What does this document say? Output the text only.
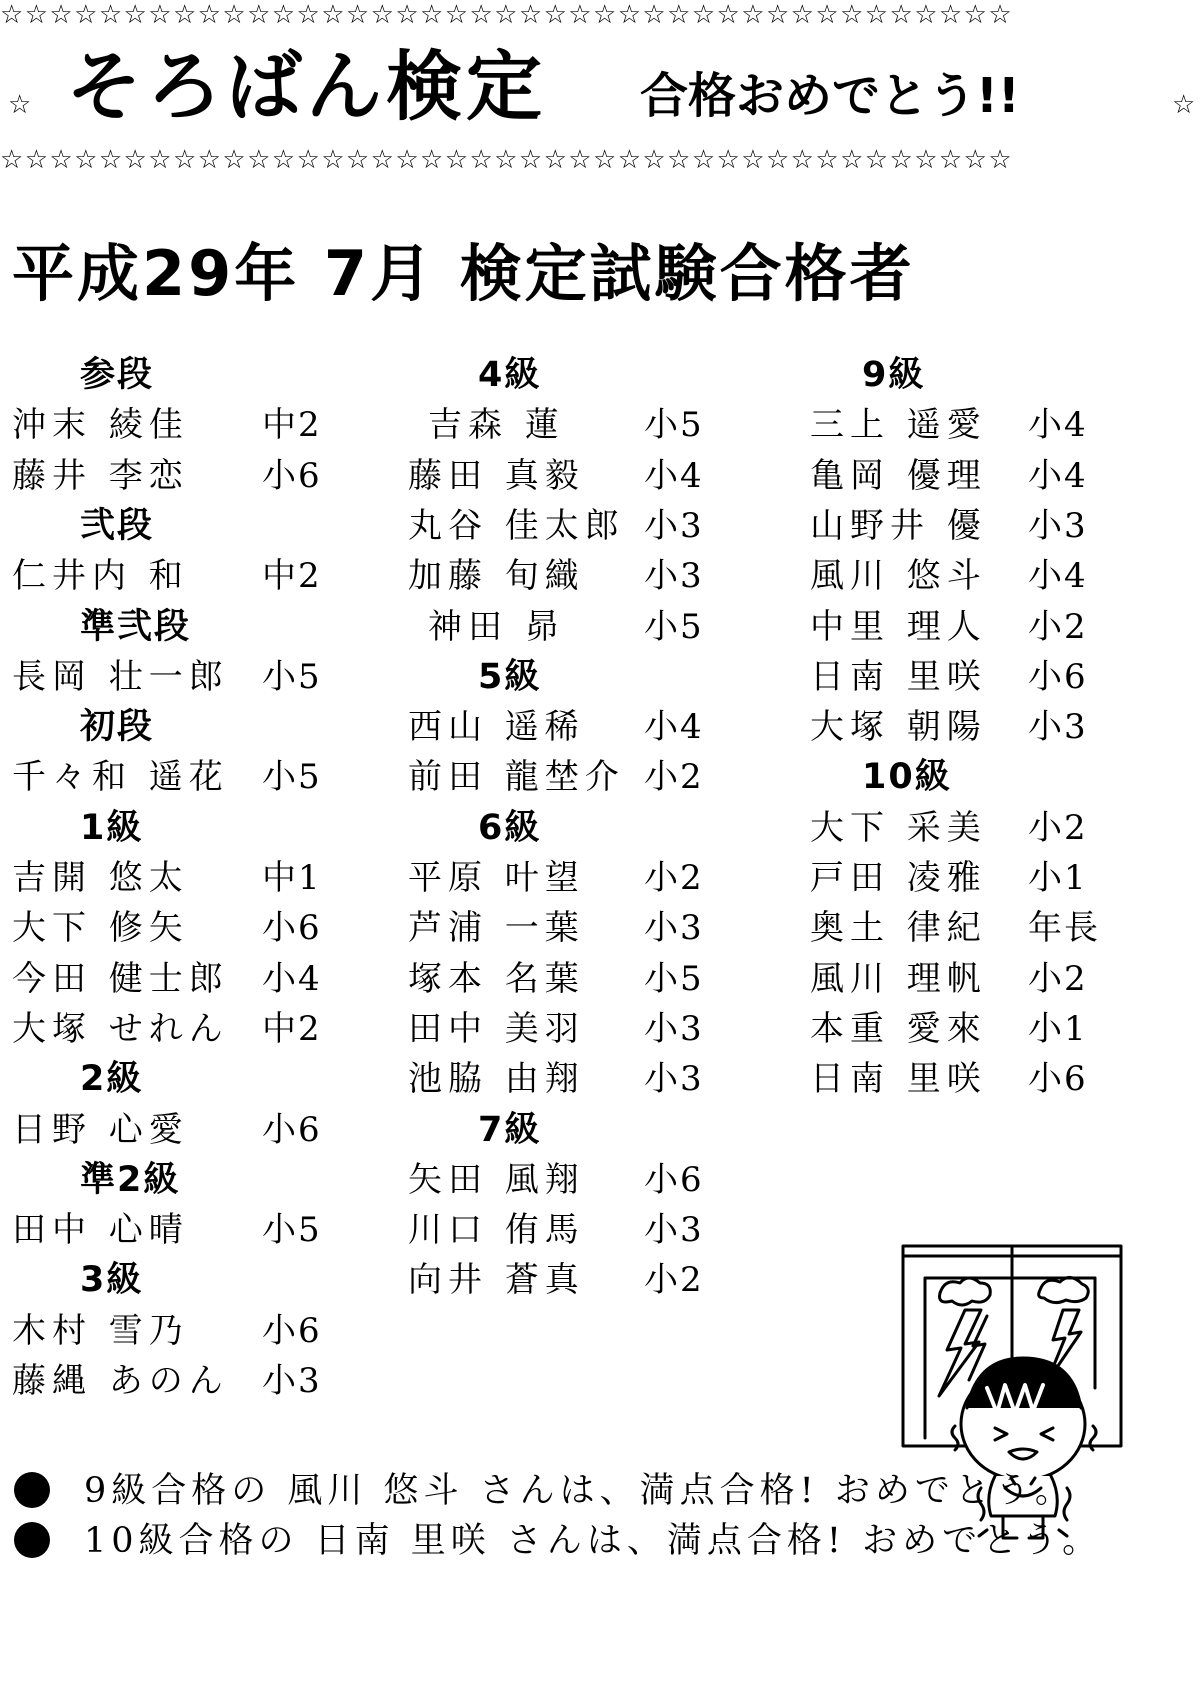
☆☆☆☆☆☆☆☆☆☆☆☆☆☆☆☆☆☆☆☆☆☆☆☆☆☆☆☆☆☆☆☆☆☆☆☆☆☆☆☆☆
☆ そろばん検定 合格おめでとう!!	☆
☆☆☆☆☆☆☆☆☆☆☆☆☆☆☆☆☆☆☆☆☆☆☆☆☆☆☆☆☆☆☆☆☆☆☆☆☆☆☆☆☆
平成29年 7月 検定試験合格者
参段
沖末 綾佳 中2
藤井 李恋 小6
弐段
仁井内 和 中2
準弐段
長岡 壮一郎 小5
初段
千々和 遥花 小5
1級
吉開 悠太 中1
大下 修矢 小6
今田 健士郎 小4
大塚 せれん 中2
2級
日野 心愛 小6
準2級
田中 心晴 小5
3級
木村 雪乃 小6
藤縄 あのん 小3
4級
吉森 蓮 小5
藤田 真毅 小4
丸谷 佳太郎 小3
加藤 旬織 小3
神田 昴 小5
5級
西山 遥稀 小4
前田 龍埜介 小2
6級
平原 叶望 小2
芦浦 一葉 小3
塚本 名葉 小5
田中 美羽 小3
池脇 由翔 小3
7級
矢田 風翔 小6
川口 侑馬 小3
向井 蒼真 小2
9級
三上 遥愛 小4
亀岡 優理 小4
山野井 優 小3
風川 悠斗 小4
中里 理人 小2
日南 里咲 小6
大塚 朝陽 小3
10級
大下 采美 小2
戸田 凌雅 小1
奥土 律紀 年長
風川 理帆 小2
本重 愛來 小1
日南 里咲 小6
9級合格の 風川 悠斗 さんは、満点合格! おめでとう。
10級合格の 日南 里咲 さんは、満点合格! おめでとう。
